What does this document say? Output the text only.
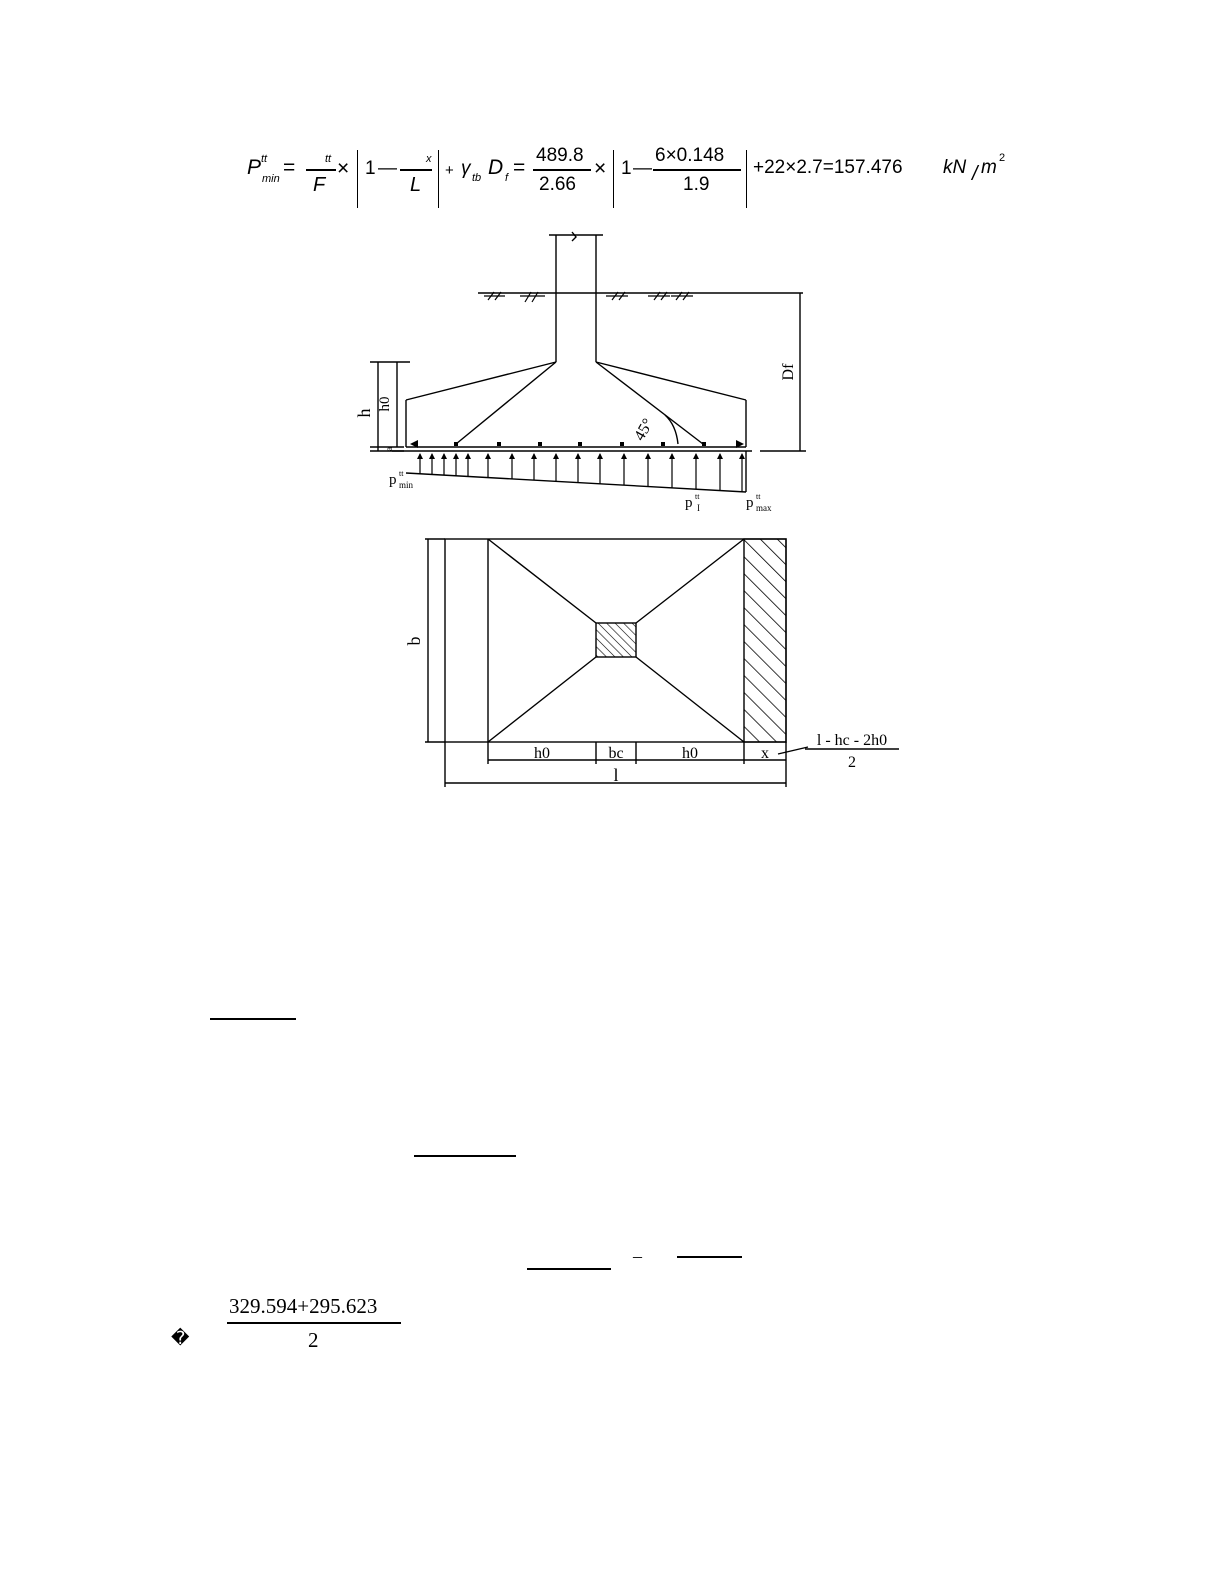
P tt
min =	tt
F
× 1 —	x
L
+ γ tb D f =
489.8
2.66
× 1 —
6×0.148
1.9
+22×2.7=157.476 kN / m 2
h
h0
a
Df
45°
p tt
min
p tt
I	p tt
max
b
h0	bc	h0	x
l
l - hc - 2h0
2
–
�
329.594+295.623
2
